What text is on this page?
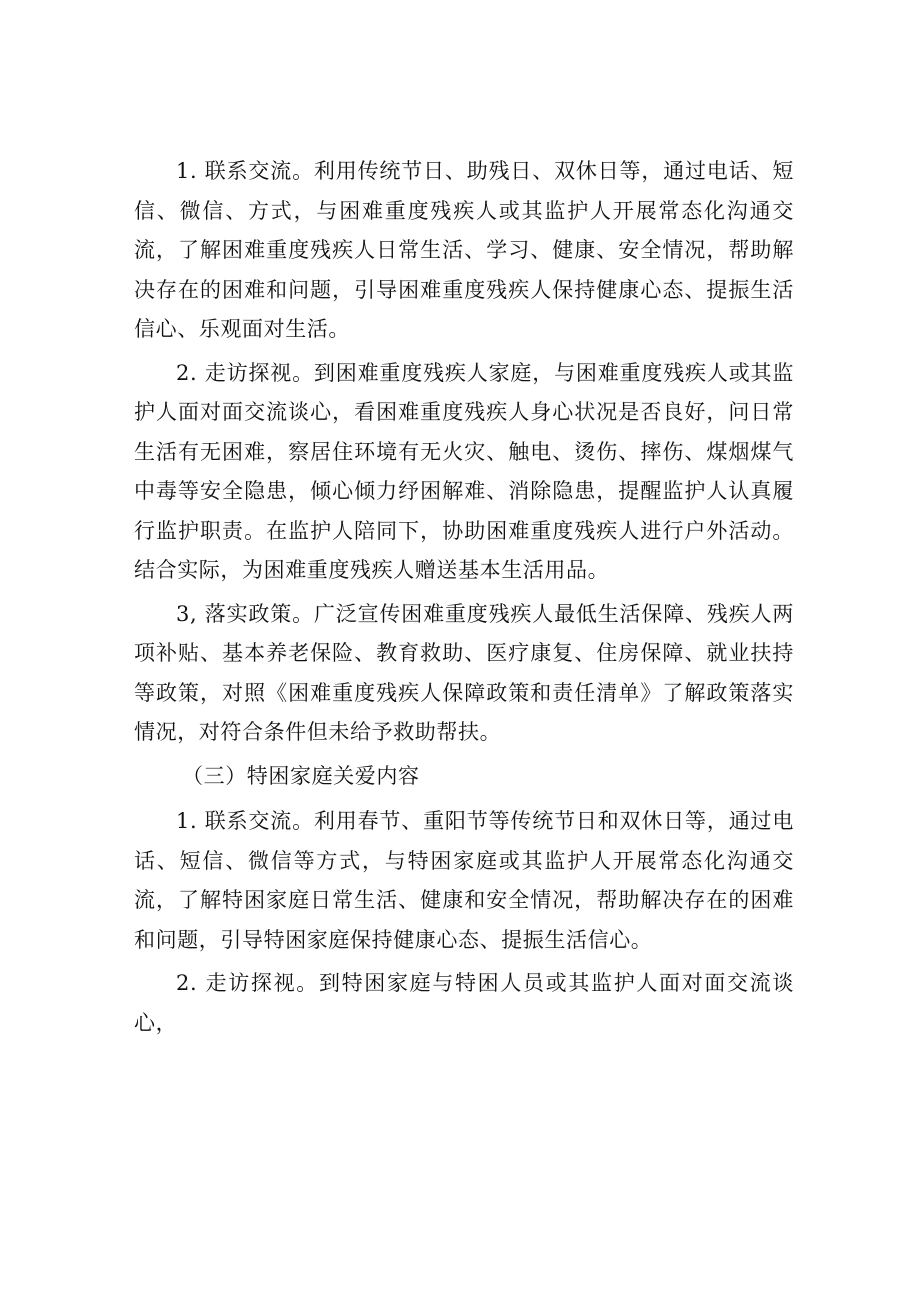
1. 联系交流。利用传统节日、助残日、双休日等，通过电话、短信、微信、方式，与困难重度残疾人或其监护人开展常态化沟通交流，了解困难重度残疾人日常生活、学习、健康、安全情况，帮助解决存在的困难和问题，引导困难重度残疾人保持健康心态、提振生活信心、乐观面对生活。

2. 走访探视。到困难重度残疾人家庭，与困难重度残疾人或其监护人面对面交流谈心，看困难重度残疾人身心状况是否良好，问日常生活有无困难，察居住环境有无火灾、触电、烫伤、摔伤、煤烟煤气中毒等安全隐患，倾心倾力纾困解难、消除隐患，提醒监护人认真履行监护职责。在监护人陪同下，协助困难重度残疾人进行户外活动。结合实际，为困难重度残疾人赠送基本生活用品。

3, 落实政策。广泛宣传困难重度残疾人最低生活保障、残疾人两项补贴、基本养老保险、教育救助、医疗康复、住房保障、就业扶持等政策，对照《困难重度残疾人保障政策和责任清单》了解政策落实情况，对符合条件但未给予救助帮扶。

（三）特困家庭关爱内容

1. 联系交流。利用春节、重阳节等传统节日和双休日等，通过电话、短信、微信等方式，与特困家庭或其监护人开展常态化沟通交流，了解特困家庭日常生活、健康和安全情况，帮助解决存在的困难和问题，引导特困家庭保持健康心态、提振生活信心。

2. 走访探视。到特困家庭与特困人员或其监护人面对面交流谈心，
